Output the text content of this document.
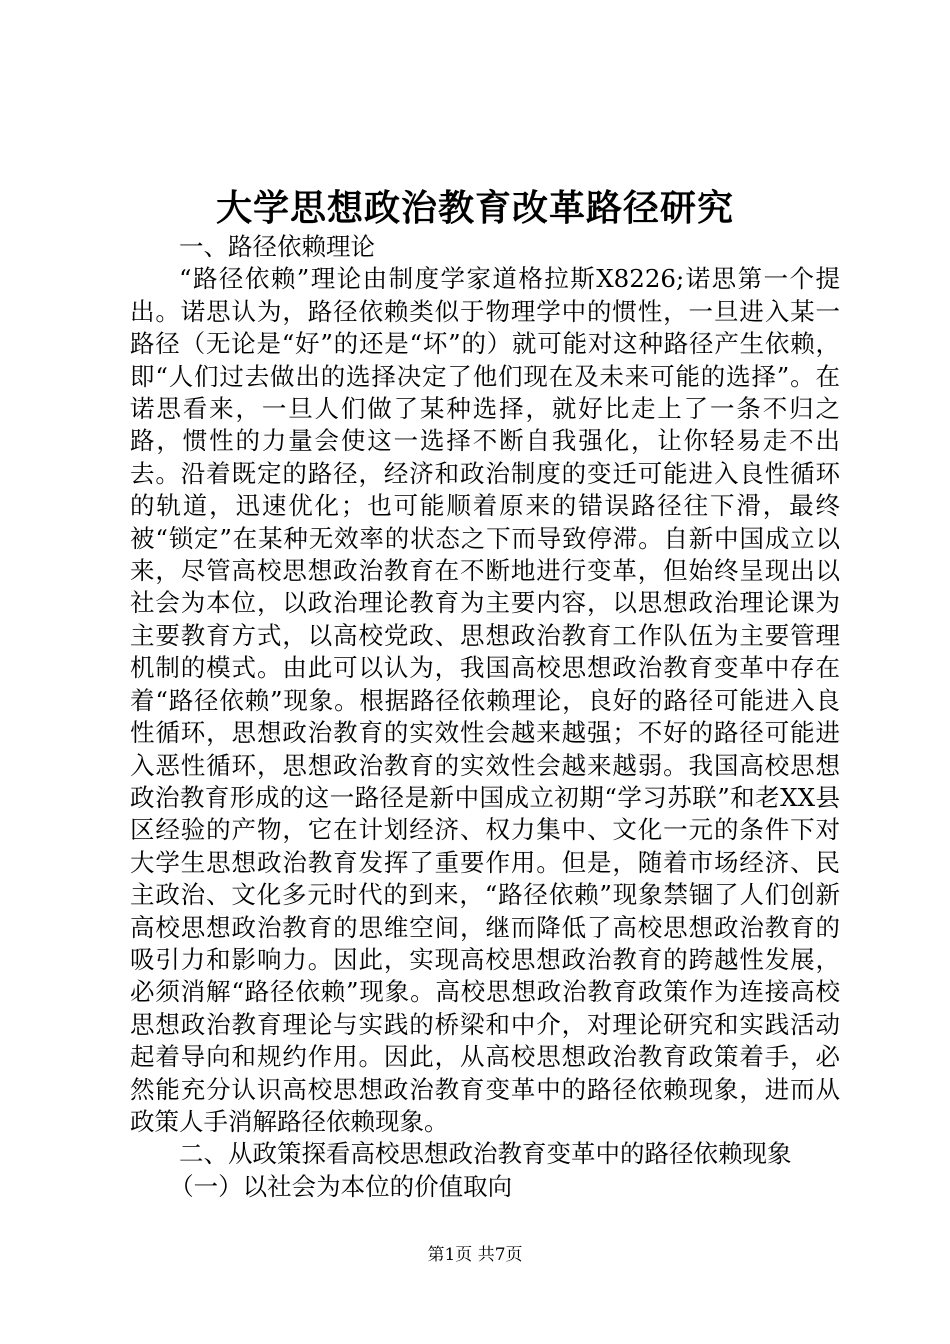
大学思想政治教育改革路径研究

一、路径依赖理论

“路径依赖”理论由制度学家道格拉斯X8226;诺思第一个提出。诺思认为，路径依赖类似于物理学中的惯性，一旦进入某一路径（无论是“好”的还是“坏”的）就可能对这种路径产生依赖，即“人们过去做出的选择决定了他们现在及未来可能的选择”。在诺思看来，一旦人们做了某种选择，就好比走上了一条不归之路，惯性的力量会使这一选择不断自我强化，让你轻易走不出去。沿着既定的路径，经济和政治制度的变迁可能进入良性循环的轨道，迅速优化；也可能顺着原来的错误路径往下滑，最终被“锁定”在某种无效率的状态之下而导致停滞。自新中国成立以来，尽管高校思想政治教育在不断地进行变革，但始终呈现出以社会为本位，以政治理论教育为主要内容，以思想政治理论课为主要教育方式，以高校党政、思想政治教育工作队伍为主要管理机制的模式。由此可以认为，我国高校思想政治教育变革中存在着“路径依赖”现象。根据路径依赖理论，良好的路径可能进入良性循环，思想政治教育的实效性会越来越强；不好的路径可能进入恶性循环，思想政治教育的实效性会越来越弱。我国高校思想政治教育形成的这一路径是新中国成立初期“学习苏联”和老XX县区经验的产物，它在计划经济、权力集中、文化一元的条件下对大学生思想政治教育发挥了重要作用。但是，随着市场经济、民主政治、文化多元时代的到来，“路径依赖”现象禁锢了人们创新高校思想政治教育的思维空间，继而降低了高校思想政治教育的吸引力和影响力。因此，实现高校思想政治教育的跨越性发展，必须消解“路径依赖”现象。高校思想政治教育政策作为连接高校思想政治教育理论与实践的桥梁和中介，对理论研究和实践活动起着导向和规约作用。因此，从高校思想政治教育政策着手，必然能充分认识高校思想政治教育变革中的路径依赖现象，进而从政策人手消解路径依赖现象。

二、从政策探看高校思想政治教育变革中的路径依赖现象

（一）以社会为本位的价值取向

第1页 共7页
